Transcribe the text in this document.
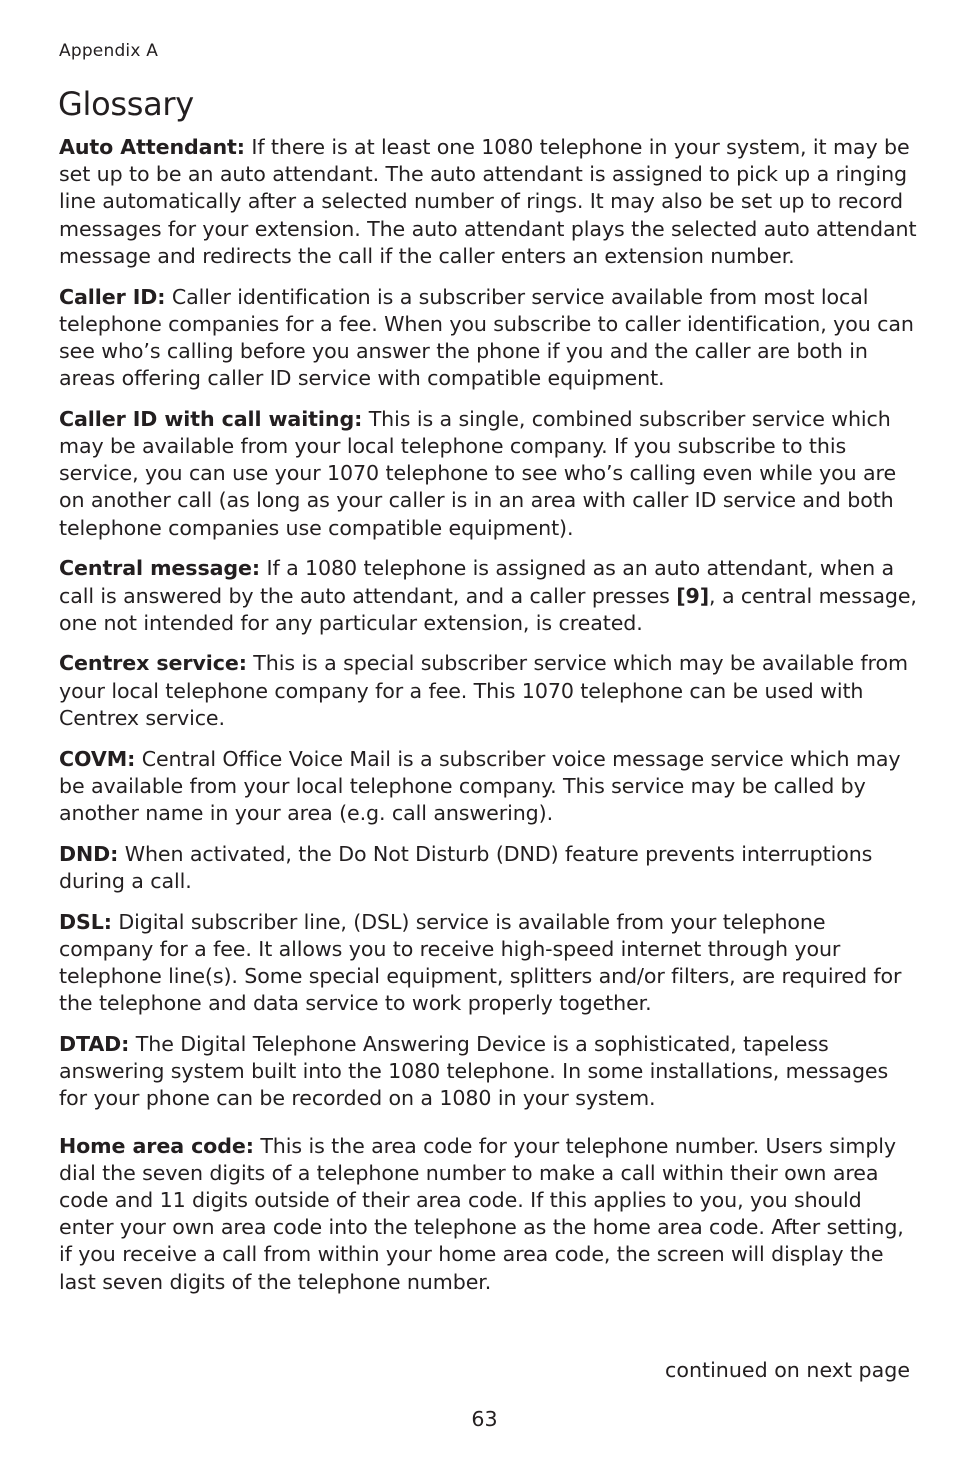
Appendix A
Glossary

Auto Attendant: If there is at least one 1080 telephone in your system, it may be set up to be an auto attendant. The auto attendant is assigned to pick up a ringing line automatically after a selected number of rings. It may also be set up to record messages for your extension. The auto attendant plays the selected auto attendant message and redirects the call if the caller enters an extension number.

Caller ID: Caller identification is a subscriber service available from most local telephone companies for a fee. When you subscribe to caller identification, you can see who’s calling before you answer the phone if you and the caller are both in areas offering caller ID service with compatible equipment.

Caller ID with call waiting: This is a single, combined subscriber service which may be available from your local telephone company. If you subscribe to this service, you can use your 1070 telephone to see who’s calling even while you are on another call (as long as your caller is in an area with caller ID service and both telephone companies use compatible equipment).

Central message: If a 1080 telephone is assigned as an auto attendant, when a call is answered by the auto attendant, and a caller presses [9], a central message, one not intended for any particular extension, is created.

Centrex service: This is a special subscriber service which may be available from your local telephone company for a fee. This 1070 telephone can be used with Centrex service.

COVM: Central Office Voice Mail is a subscriber voice message service which may be available from your local telephone company. This service may be called by another name in your area (e.g. call answering).

DND: When activated, the Do Not Disturb (DND) feature prevents interruptions during a call.

DSL: Digital subscriber line, (DSL) service is available from your telephone company for a fee. It allows you to receive high-speed internet through your telephone line(s). Some special equipment, splitters and/or filters, are required for the telephone and data service to work properly together.

DTAD: The Digital Telephone Answering Device is a sophisticated, tapeless answering system built into the 1080 telephone. In some installations, messages for your phone can be recorded on a 1080 in your system.

Home area code: This is the area code for your telephone number. Users simply dial the seven digits of a telephone number to make a call within their own area code and 11 digits outside of their area code. If this applies to you, you should enter your own area code into the telephone as the home area code. After setting, if you receive a call from within your home area code, the screen will display the last seven digits of the telephone number.

continued on next page
63
